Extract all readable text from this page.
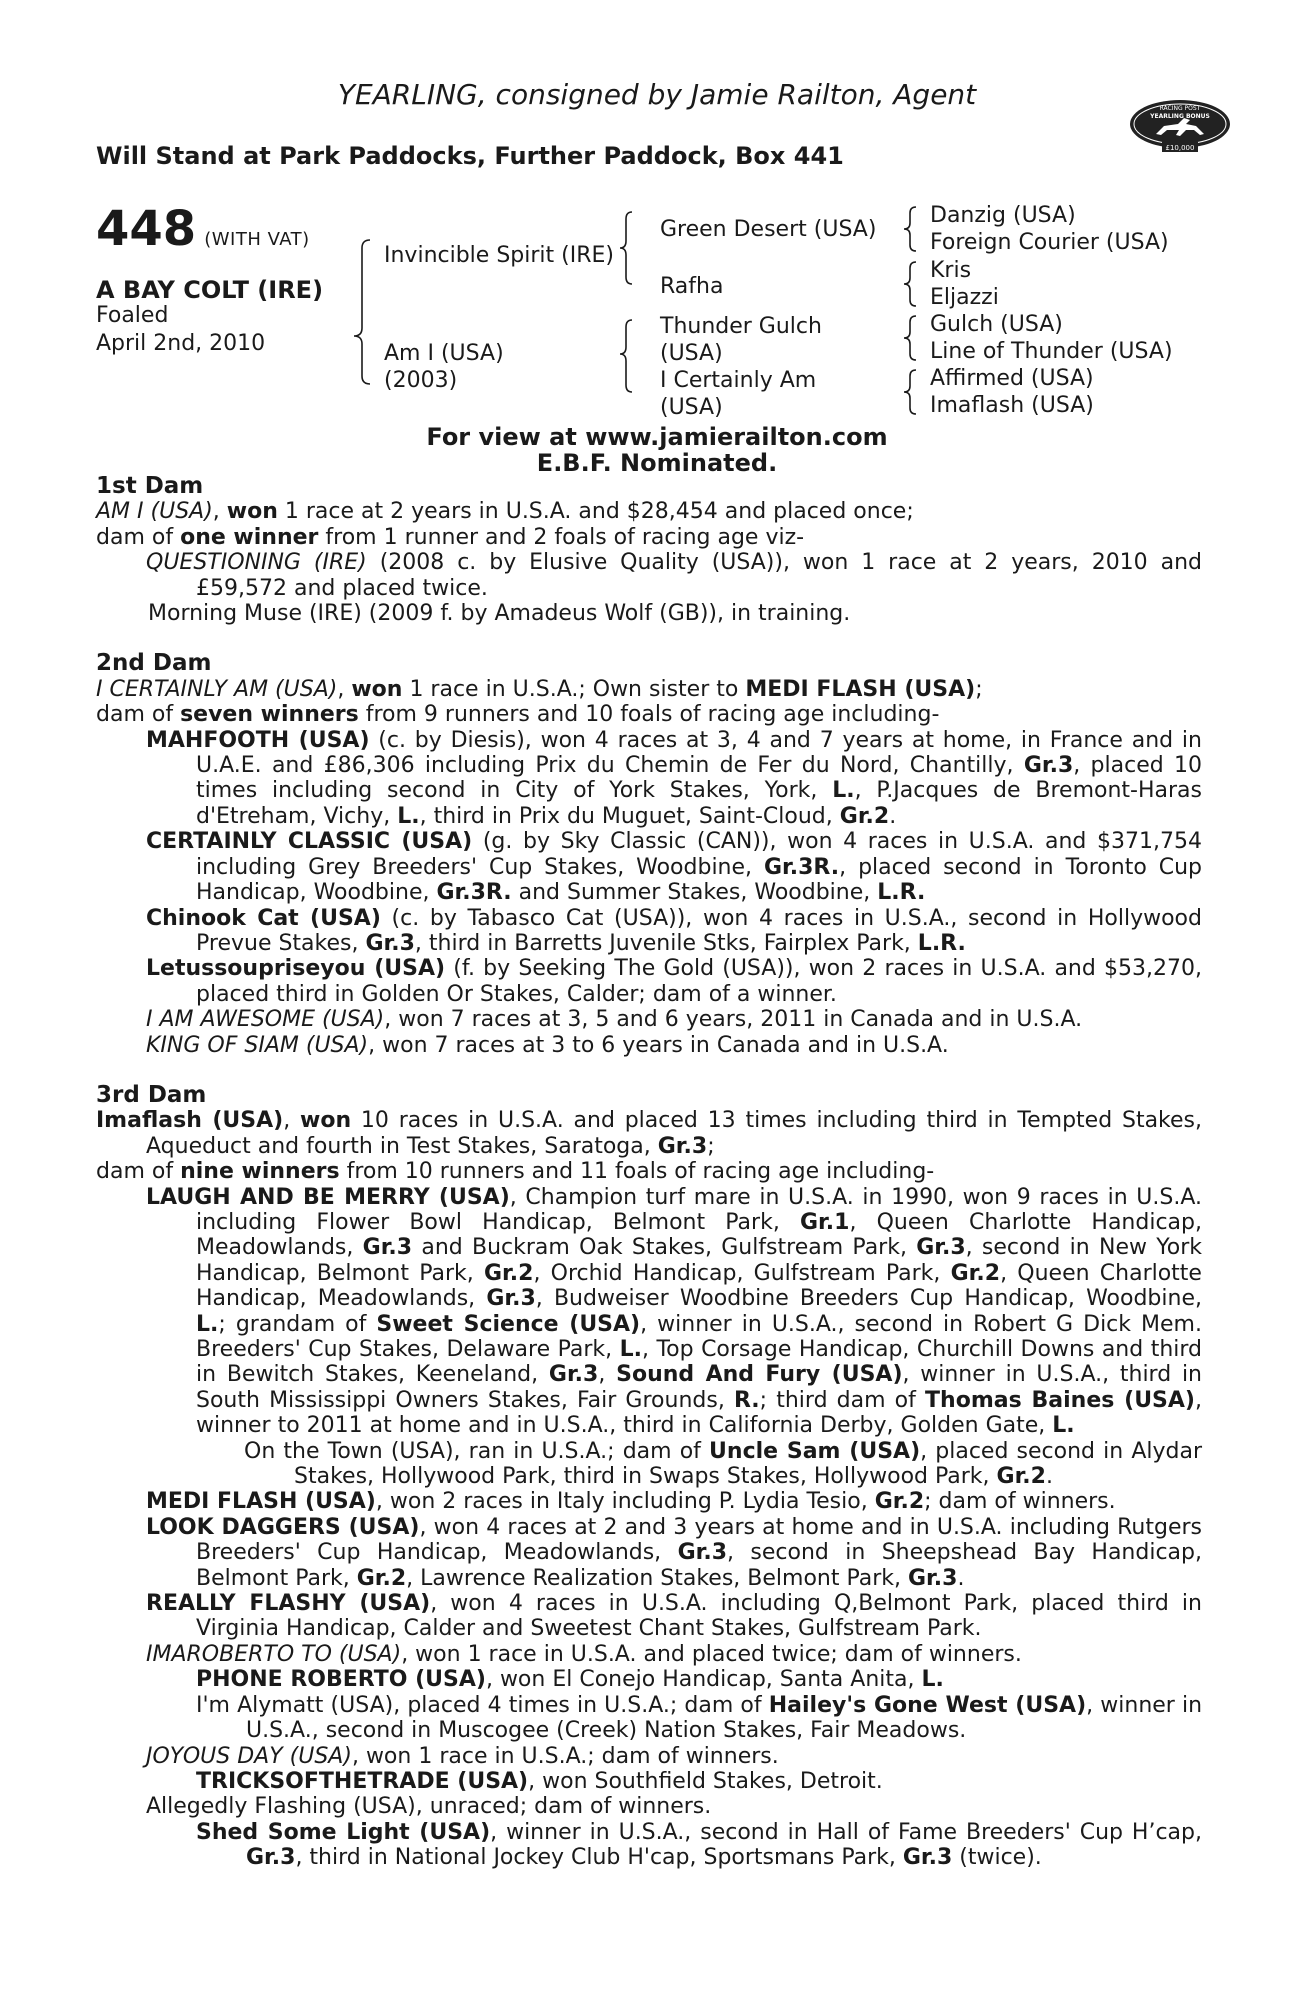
YEARLING, consigned by Jamie Railton, Agent
Will Stand at Park Paddocks, Further Paddock, Box 441
RACING POST
YEARLING BONUS
£10,000
448 (WITH VAT)
A BAY COLT (IRE)
Foaled
April 2nd, 2010
Invincible Spirit (IRE)
Am I (USA)
(2003)
Green Desert (USA)
Rafha
Thunder Gulch
(USA)
I Certainly Am
(USA)
Danzig (USA)
Foreign Courier (USA)
Kris
Eljazzi
Gulch (USA)
Line of Thunder (USA)
Affirmed (USA)
Imaflash (USA)
For view at www.jamierailton.com
E.B.F. Nominated.
1st Dam
AM I (USA), won 1 race at 2 years in U.S.A. and $28,454 and placed once;
dam of one winner from 1 runner and 2 foals of racing age viz-
QUESTIONING (IRE) (2008 c. by Elusive Quality (USA)), won 1 race at 2 years, 2010 and £59,572 and placed twice.
Morning Muse (IRE) (2009 f. by Amadeus Wolf (GB)), in training.
2nd Dam
I CERTAINLY AM (USA), won 1 race in U.S.A.; Own sister to MEDI FLASH (USA);
dam of seven winners from 9 runners and 10 foals of racing age including-
MAHFOOTH (USA) (c. by Diesis), won 4 races at 3, 4 and 7 years at home, in France and in U.A.E. and £86,306 including Prix du Chemin de Fer du Nord, Chantilly, Gr.3, placed 10 times including second in City of York Stakes, York, L., P.Jacques de Bremont-Haras d'Etreham, Vichy, L., third in Prix du Muguet, Saint-Cloud, Gr.2.
CERTAINLY CLASSIC (USA) (g. by Sky Classic (CAN)), won 4 races in U.S.A. and $371,754 including Grey Breeders' Cup Stakes, Woodbine, Gr.3R., placed second in Toronto Cup Handicap, Woodbine, Gr.3R. and Summer Stakes, Woodbine, L.R.
Chinook Cat (USA) (c. by Tabasco Cat (USA)), won 4 races in U.S.A., second in Hollywood Prevue Stakes, Gr.3, third in Barretts Juvenile Stks, Fairplex Park, L.R.
Letussoupriseyou (USA) (f. by Seeking The Gold (USA)), won 2 races in U.S.A. and $53,270, placed third in Golden Or Stakes, Calder; dam of a winner.
I AM AWESOME (USA), won 7 races at 3, 5 and 6 years, 2011 in Canada and in U.S.A.
KING OF SIAM (USA), won 7 races at 3 to 6 years in Canada and in U.S.A.
3rd Dam
Imaflash (USA), won 10 races in U.S.A. and placed 13 times including third in Tempted Stakes, Aqueduct and fourth in Test Stakes, Saratoga, Gr.3;
dam of nine winners from 10 runners and 11 foals of racing age including-
LAUGH AND BE MERRY (USA), Champion turf mare in U.S.A. in 1990, won 9 races in U.S.A. including Flower Bowl Handicap, Belmont Park, Gr.1, Queen Charlotte Handicap, Meadowlands, Gr.3 and Buckram Oak Stakes, Gulfstream Park, Gr.3, second in New York Handicap, Belmont Park, Gr.2, Orchid Handicap, Gulfstream Park, Gr.2, Queen Charlotte Handicap, Meadowlands, Gr.3, Budweiser Woodbine Breeders Cup Handicap, Woodbine, L.; grandam of Sweet Science (USA), winner in U.S.A., second in Robert G Dick Mem. Breeders' Cup Stakes, Delaware Park, L., Top Corsage Handicap, Churchill Downs and third in Bewitch Stakes, Keeneland, Gr.3, Sound And Fury (USA), winner in U.S.A., third in South Mississippi Owners Stakes, Fair Grounds, R.; third dam of Thomas Baines (USA), winner to 2011 at home and in U.S.A., third in California Derby, Golden Gate, L.
On the Town (USA), ran in U.S.A.; dam of Uncle Sam (USA), placed second in Alydar Stakes, Hollywood Park, third in Swaps Stakes, Hollywood Park, Gr.2.
MEDI FLASH (USA), won 2 races in Italy including P. Lydia Tesio, Gr.2; dam of winners.
LOOK DAGGERS (USA), won 4 races at 2 and 3 years at home and in U.S.A. including Rutgers Breeders' Cup Handicap, Meadowlands, Gr.3, second in Sheepshead Bay Handicap, Belmont Park, Gr.2, Lawrence Realization Stakes, Belmont Park, Gr.3.
REALLY FLASHY (USA), won 4 races in U.S.A. including Q,Belmont Park, placed third in Virginia Handicap, Calder and Sweetest Chant Stakes, Gulfstream Park.
IMAROBERTO TO (USA), won 1 race in U.S.A. and placed twice; dam of winners.
PHONE ROBERTO (USA), won El Conejo Handicap, Santa Anita, L.
I'm Alymatt (USA), placed 4 times in U.S.A.; dam of Hailey's Gone West (USA), winner in U.S.A., second in Muscogee (Creek) Nation Stakes, Fair Meadows.
JOYOUS DAY (USA), won 1 race in U.S.A.; dam of winners.
TRICKSOFTHETRADE (USA), won Southfield Stakes, Detroit.
Allegedly Flashing (USA), unraced; dam of winners.
Shed Some Light (USA), winner in U.S.A., second in Hall of Fame Breeders' Cup H’cap, Gr.3, third in National Jockey Club H'cap, Sportsmans Park, Gr.3 (twice).
